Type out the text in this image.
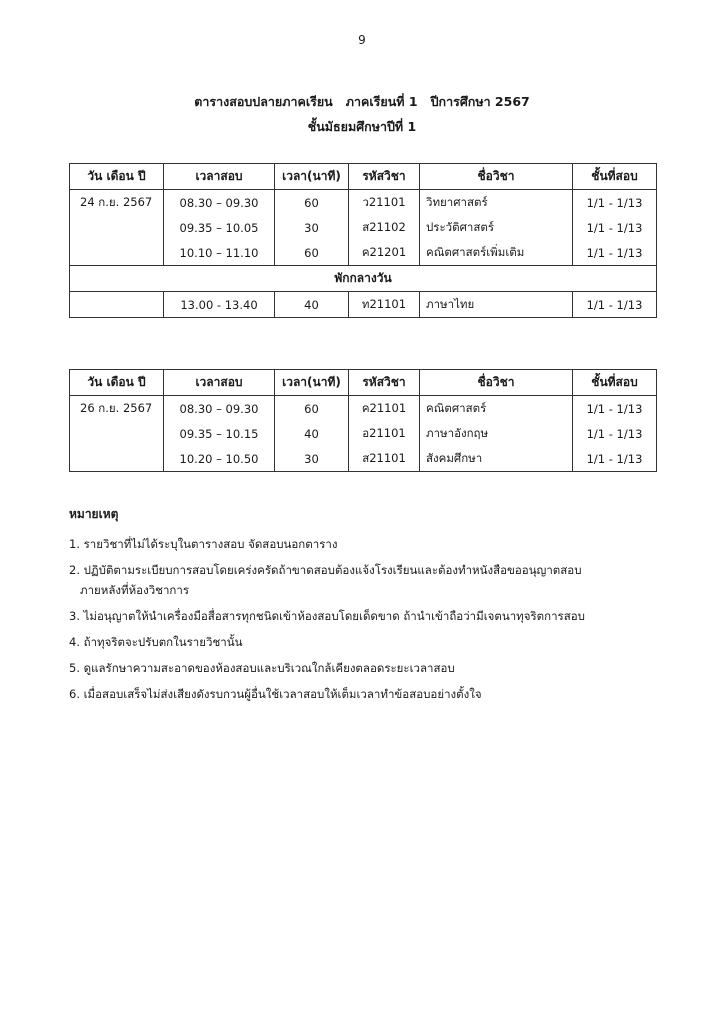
9
ตารางสอบปลายภาคเรียน   ภาคเรียนที่ 1   ปีการศึกษา 2567
ชั้นมัธยมศึกษาปีที่ 1
วัน เดือน ปี	เวลาสอบ	เวลา(นาที)	รหัสวิชา	ชื่อวิชา	ชั้นที่สอบ
24 ก.ย. 2567	08.30 – 09.30	60	ว21101	วิทยาศาสตร์	1/1 - 1/13
	09.35 – 10.05	30	ส21102	ประวัติศาสตร์	1/1 - 1/13
	10.10 – 11.10	60	ค21201	คณิตศาสตร์เพิ่มเติม	1/1 - 1/13
พักกลางวัน					
	13.00 - 13.40	40	ท21101	ภาษาไทย	1/1 - 1/13
วัน เดือน ปี	เวลาสอบ	เวลา(นาที)	รหัสวิชา	ชื่อวิชา	ชั้นที่สอบ
26 ก.ย. 2567	08.30 – 09.30	60	ค21101	คณิตศาสตร์	1/1 - 1/13
	09.35 – 10.15	40	อ21101	ภาษาอังกฤษ	1/1 - 1/13
	10.20 – 10.50	30	ส21101	สังคมศึกษา	1/1 - 1/13
หมายเหตุ
1. รายวิชาที่ไม่ได้ระบุในตารางสอบ จัดสอบนอกตาราง
2. ปฏิบัติตามระเบียบการสอบโดยเคร่งครัดถ้าขาดสอบต้องแจ้งโรงเรียนและต้องทำหนังสือขออนุญาตสอบ
ภายหลังที่ห้องวิชาการ
3. ไม่อนุญาตให้นำเครื่องมือสื่อสารทุกชนิดเข้าห้องสอบโดยเด็ดขาด ถ้านำเข้าถือว่ามีเจตนาทุจริตการสอบ
4. ถ้าทุจริตจะปรับตกในรายวิชานั้น
5. ดูแลรักษาความสะอาดของห้องสอบและบริเวณใกล้เคียงตลอดระยะเวลาสอบ
6. เมื่อสอบเสร็จไม่ส่งเสียงดังรบกวนผู้อื่นใช้เวลาสอบให้เต็มเวลาทำข้อสอบอย่างตั้งใจ
